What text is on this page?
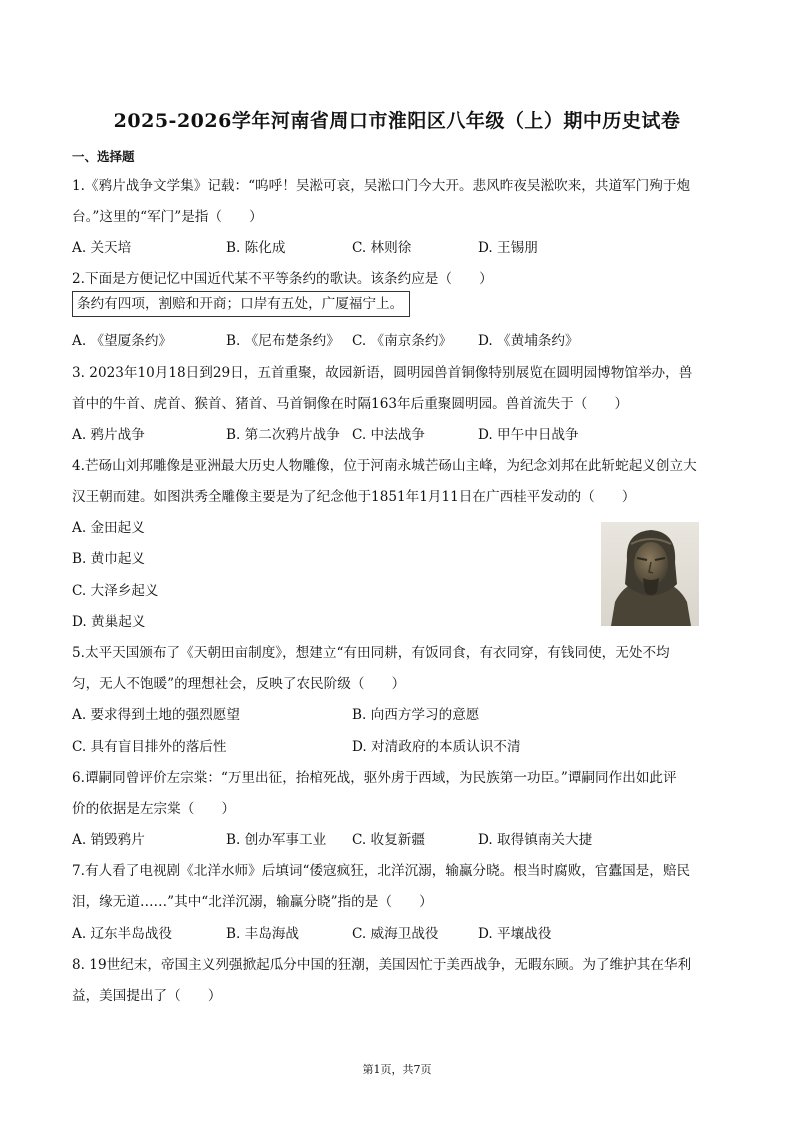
2025-2026学年河南省周口市淮阳区八年级（上）期中历史试卷
一、选择题
1.《鸦片战争文学集》记载：“呜呼！吴淞可哀，吴淞口门今大开。悲风昨夜吴淞吹来，共道军门殉于炮
台。”这里的“军门”是指（　　）
A. 关天培	B. 陈化成	C. 林则徐	D. 王锡朋
2.下面是方便记忆中国近代某不平等条约的歌诀。该条约应是（　　）
条约有四项，割赔和开商；口岸有五处，广厦福宁上。
A. 《望厦条约》	B. 《尼布楚条约》 C. 《南京条约》 D. 《黄埔条约》
3. 2023年10月18日到29日，五首重聚，故园新语，圆明园兽首铜像特别展览在圆明园博物馆举办，兽
首中的牛首、虎首、猴首、猪首、马首铜像在时隔163年后重聚圆明园。兽首流失于（　　）
A. 鸦片战争	B. 第二次鸦片战争 C. 中法战争	D. 甲午中日战争
4.芒砀山刘邦雕像是亚洲最大历史人物雕像，位于河南永城芒砀山主峰，为纪念刘邦在此斩蛇起义创立大
汉王朝而建。如图洪秀全雕像主要是为了纪念他于1851年1月11日在广西桂平发动的（　　）
A. 金田起义
B. 黄巾起义
C. 大泽乡起义
D. 黄巢起义
5.太平天国颁布了《天朝田亩制度》，想建立“有田同耕，有饭同食，有衣同穿，有钱同使，无处不均
匀，无人不饱暖”的理想社会，反映了农民阶级（　　）
A. 要求得到土地的强烈愿望	B. 向西方学习的意愿
C. 具有盲目排外的落后性	D. 对清政府的本质认识不清
6.谭嗣同曾评价左宗棠：“万里出征，抬棺死战，驱外虏于西域，为民族第一功臣。”谭嗣同作出如此评
价的依据是左宗棠（　　）
A. 销毁鸦片	B. 创办军事工业 C. 收复新疆	D. 取得镇南关大捷
7.有人看了电视剧《北洋水师》后填词“倭寇疯狂，北洋沉溺，输赢分晓。根当时腐败，官蠹国是，赔民
泪，缘无道……”其中“北洋沉溺，输赢分晓”指的是（　　）
A. 辽东半岛战役	B. 丰岛海战	C. 威海卫战役	D. 平壤战役
8. 19世纪末，帝国主义列强掀起瓜分中国的狂潮，美国因忙于美西战争，无暇东顾。为了维护其在华利
益，美国提出了（　　）
第1页，共7页
